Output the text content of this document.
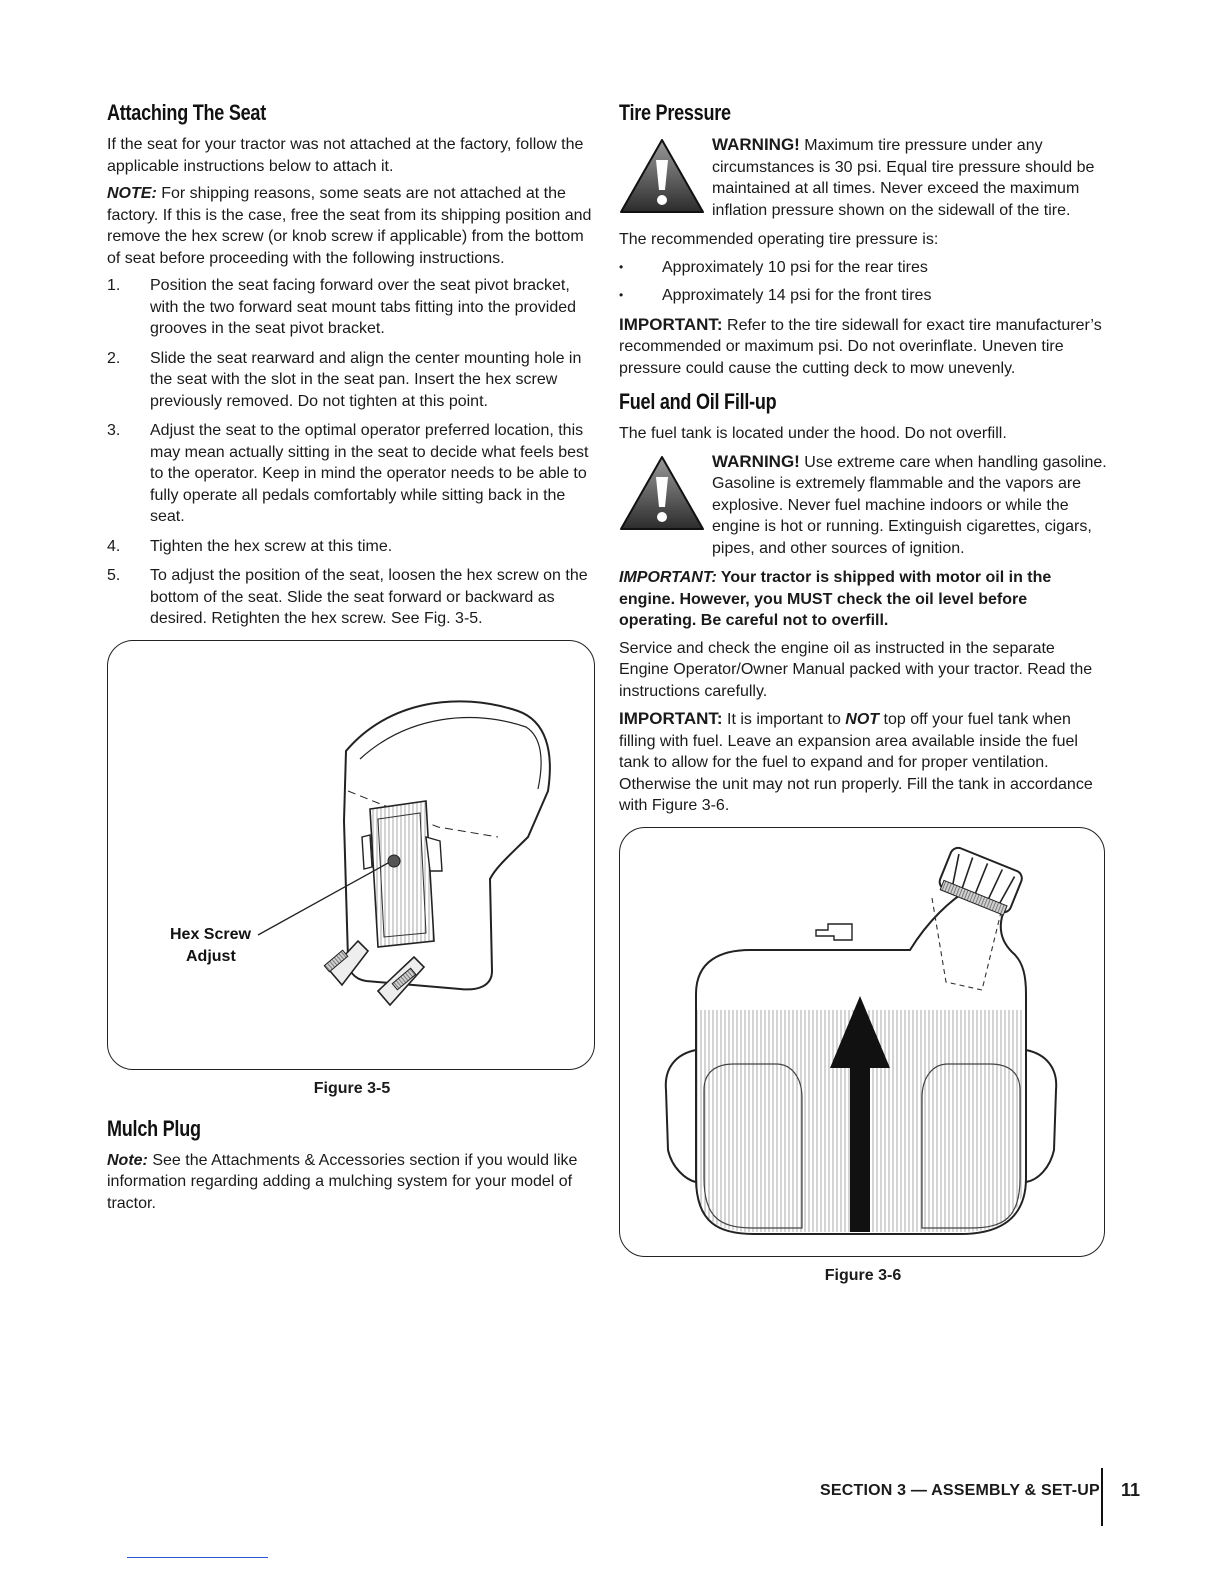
Attaching The Seat

If the seat for your tractor was not attached at the factory, follow the applicable instructions below to attach it.

NOTE: For shipping reasons, some seats are not attached at the factory. If this is the case, free the seat from its shipping position and remove the hex screw (or knob screw if applicable) from the bottom of seat before proceeding with the following instructions.

1. Position the seat facing forward over the seat pivot bracket, with the two forward seat mount tabs fitting into the provided grooves in the seat pivot bracket.
2. Slide the seat rearward and align the center mounting hole in the seat with the slot in the seat pan. Insert the hex screw previously removed. Do not tighten at this point.
3. Adjust the seat to the optimal operator preferred location, this may mean actually sitting in the seat to decide what feels best to the operator. Keep in mind the operator needs to be able to fully operate all pedals comfortably while sitting back in the seat.
4. Tighten the hex screw at this time.
5. To adjust the position of the seat, loosen the hex screw on the bottom of the seat. Slide the seat forward or backward as desired. Retighten the hex screw. See Fig. 3-5.
Hex Screw
Adjust
Figure 3-5
Mulch Plug

Note: See the Attachments & Accessories section if you would like information regarding adding a mulching system for your model of tractor.

Tire Pressure

WARNING! Maximum tire pressure under any circumstances is 30 psi. Equal tire pressure should be maintained at all times. Never exceed the maximum inflation pressure shown on the sidewall of the tire.

The recommended operating tire pressure is:

• Approximately 10 psi for the rear tires
• Approximately 14 psi for the front tires

IMPORTANT: Refer to the tire sidewall for exact tire manufacturer’s recommended or maximum psi. Do not overinflate. Uneven tire pressure could cause the cutting deck to mow unevenly.

Fuel and Oil Fill-up

The fuel tank is located under the hood. Do not overfill.

WARNING! Use extreme care when handling gasoline. Gasoline is extremely flammable and the vapors are explosive. Never fuel machine indoors or while the engine is hot or running. Extinguish cigarettes, cigars, pipes, and other sources of ignition.

IMPORTANT: Your tractor is shipped with motor oil in the engine. However, you MUST check the oil level before operating. Be careful not to overfill.

Service and check the engine oil as instructed in the separate Engine Operator/Owner Manual packed with your tractor. Read the instructions carefully.

IMPORTANT: It is important to NOT top off your fuel tank when filling with fuel. Leave an expansion area available inside the fuel tank to allow for the fuel to expand and for proper ventilation. Otherwise the unit may not run properly. Fill the tank in accordance with Figure 3-6.

Figure 3-6
SECTION 3 — ASSEMBLY & SET-UP 11
